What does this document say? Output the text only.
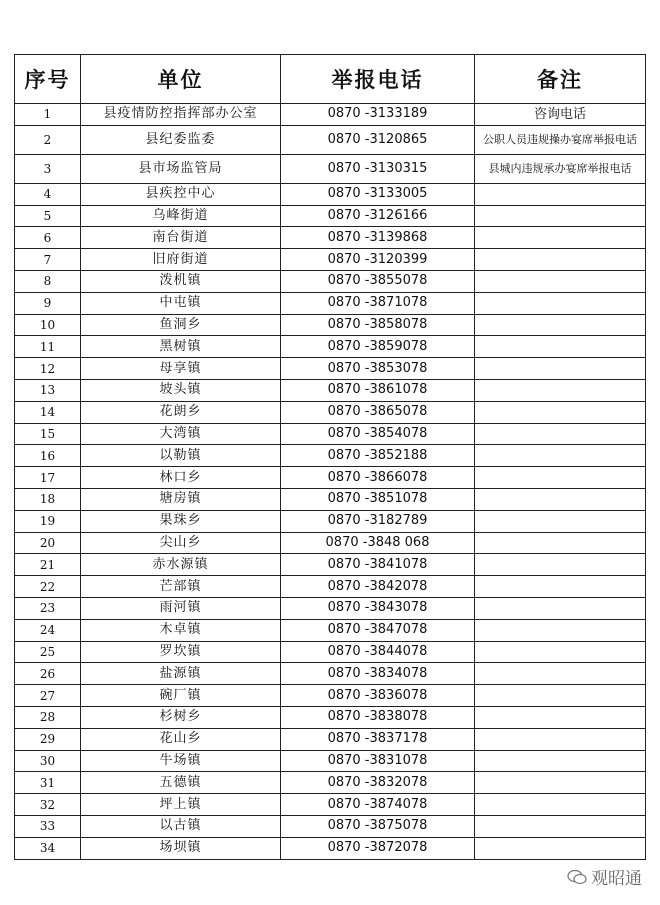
序号	单位	举报电话	备注
1	县疫情防控指挥部办公室	0870 -3133189	咨询电话
2	县纪委监委	0870 -3120865	公职人员违规操办宴席举报电话
3	县市场监管局	0870 -3130315	县城内违规承办宴席举报电话
4	县疾控中心	0870 -3133005	
5	乌峰街道	0870 -3126166	
6	南台街道	0870 -3139868	
7	旧府街道	0870 -3120399	
8	泼机镇	0870 -3855078	
9	中屯镇	0870 -3871078	
10	鱼洞乡	0870 -3858078	
11	黑树镇	0870 -3859078	
12	母享镇	0870 -3853078	
13	坡头镇	0870 -3861078	
14	花朗乡	0870 -3865078	
15	大湾镇	0870 -3854078	
16	以勒镇	0870 -3852188	
17	林口乡	0870 -3866078	
18	塘房镇	0870 -3851078	
19	果珠乡	0870 -3182789	
20	尖山乡	0870 -3848 068	
21	赤水源镇	0870 -3841078	
22	芒部镇	0870 -3842078	
23	雨河镇	0870 -3843078	
24	木卓镇	0870 -3847078	
25	罗坎镇	0870 -3844078	
26	盐源镇	0870 -3834078	
27	碗厂镇	0870 -3836078	
28	杉树乡	0870 -3838078	
29	花山乡	0870 -3837178	
30	牛场镇	0870 -3831078	
31	五德镇	0870 -3832078	
32	坪上镇	0870 -3874078	
33	以古镇	0870 -3875078	
34	场坝镇	0870 -3872078	
观昭通
